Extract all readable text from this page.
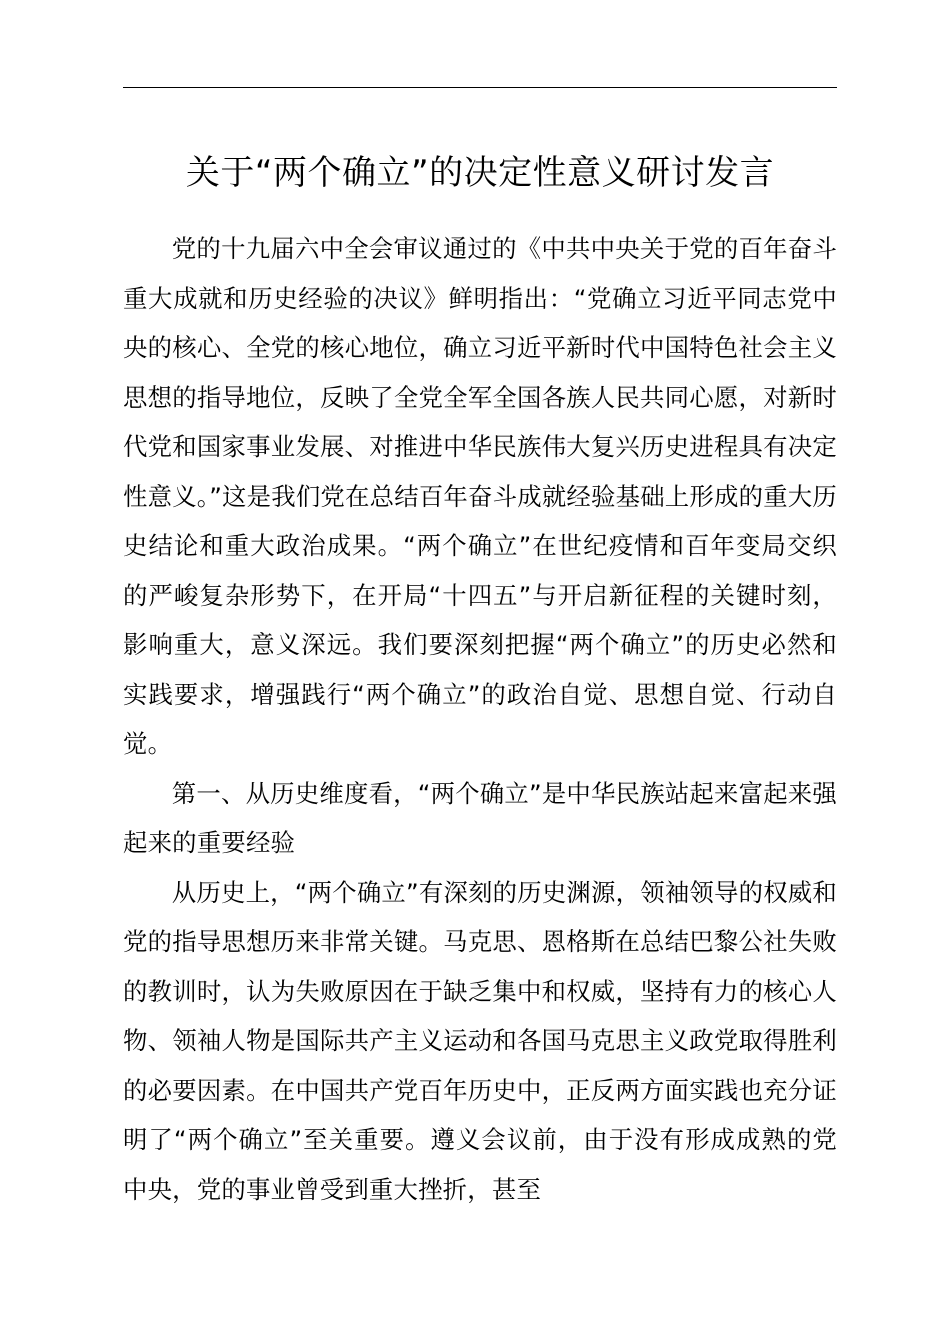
关于“两个确立”的决定性意义研讨发言

党的十九届六中全会审议通过的《中共中央关于党的百年奋斗重大成就和历史经验的决议》鲜明指出：“党确立习近平同志党中央的核心、全党的核心地位，确立习近平新时代中国特色社会主义思想的指导地位，反映了全党全军全国各族人民共同心愿，对新时代党和国家事业发展、对推进中华民族伟大复兴历史进程具有决定性意义。”这是我们党在总结百年奋斗成就经验基础上形成的重大历史结论和重大政治成果。“两个确立”在世纪疫情和百年变局交织的严峻复杂形势下，在开局“十四五”与开启新征程的关键时刻，影响重大，意义深远。我们要深刻把握“两个确立”的历史必然和实践要求，增强践行“两个确立”的政治自觉、思想自觉、行动自觉。

第一、从历史维度看，“两个确立”是中华民族站起来富起来强起来的重要经验

从历史上，“两个确立”有深刻的历史渊源，领袖领导的权威和党的指导思想历来非常关键。马克思、恩格斯在总结巴黎公社失败的教训时，认为失败原因在于缺乏集中和权威，坚持有力的核心人物、领袖人物是国际共产主义运动和各国马克思主义政党取得胜利的必要因素。在中国共产党百年历史中，正反两方面实践也充分证明了“两个确立”至关重要。遵义会议前，由于没有形成成熟的党中央，党的事业曾受到重大挫折，甚至
